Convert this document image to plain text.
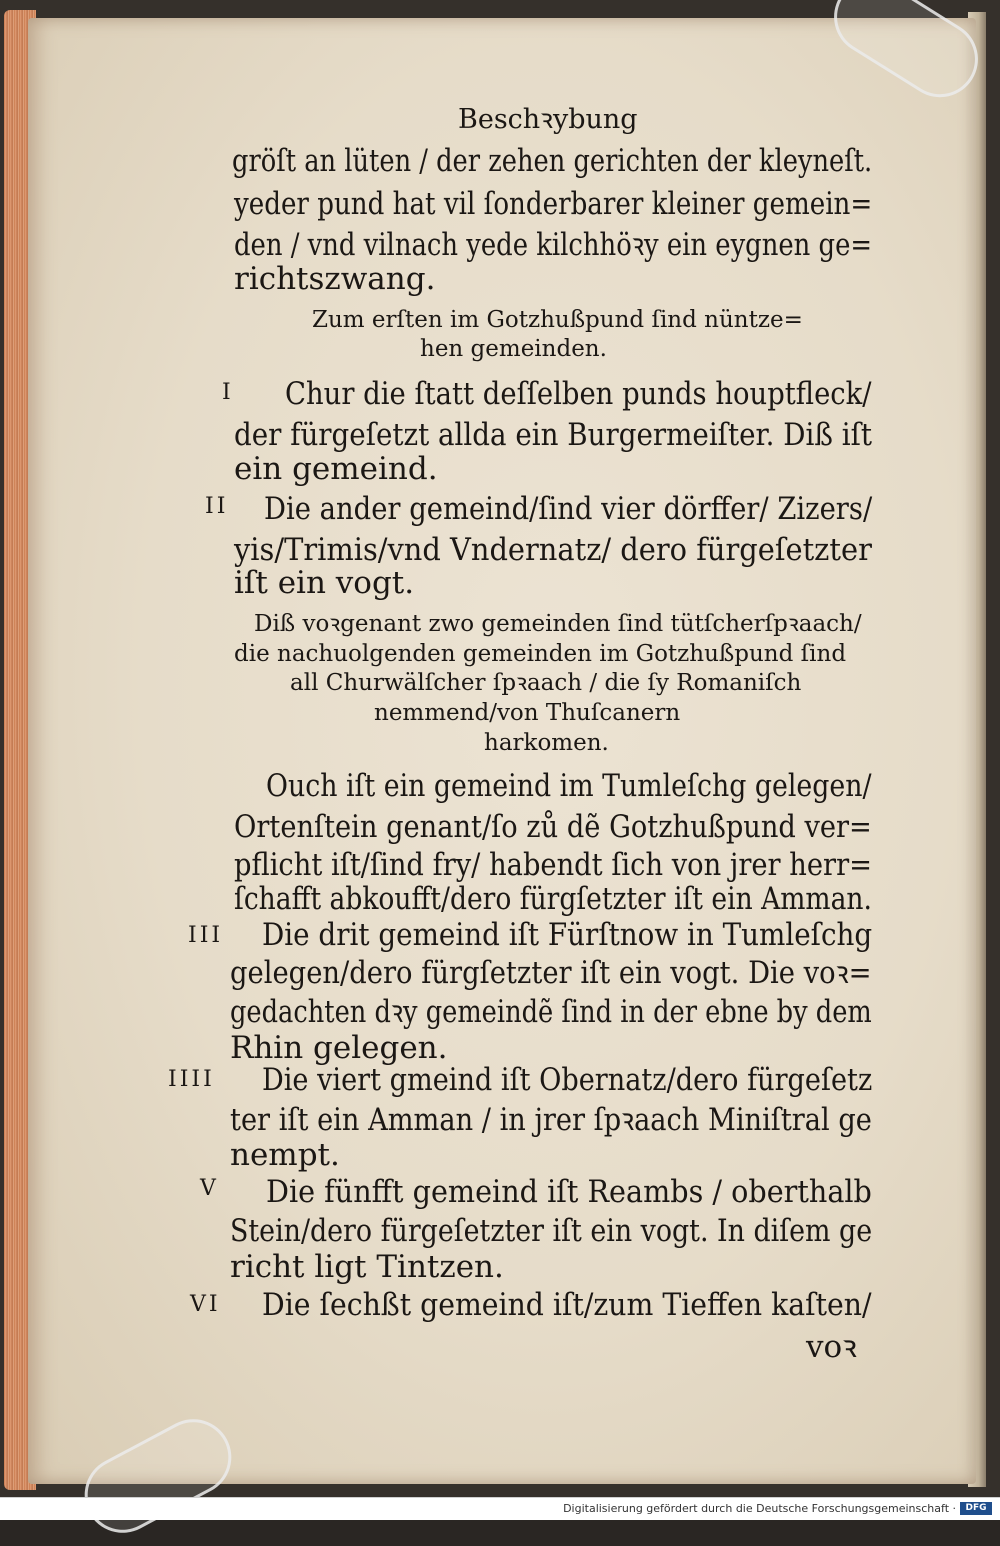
Beschꝛybung
gröſt an lüten / der zehen gerichten der kleyneſt.
yeder pund hat vil ſonderbarer kleiner gemein=
den / vnd vilnach yede kilchhöꝛy ein eygnen ge=
richtszwang.
Zum erſten im Gotzhußpund ſind nüntze=
hen gemeinden.
I Chur die ſtatt deſſelben punds houptfleck/
der fürgeſetzt allda ein Burgermeiſter. Diß iſt
ein gemeind.
II Die ander gemeind/ſind vier dörffer/ Zizers/
yis/Trimis/vnd Vndernatz/ dero fürgeſetzter
iſt ein vogt.
Diß voꝛgenant zwo gemeinden ſind tütſcherſpꝛaach/
die nachuolgenden gemeinden im Gotzhußpund ſind
all Churwälſcher ſpꝛaach / die ſy Romaniſch
nemmend/von Thuſcanern
harkomen.
Ouch iſt ein gemeind im Tumleſchg gelegen/
Ortenſtein genant/ſo zů dẽ Gotzhußpund ver=
pflicht iſt/ſind fry/ habendt ſich von jrer herr=
ſchafft abkoufft/dero fürgſetzter iſt ein Amman.
III Die drit gemeind iſt Fürſtnow in Tumleſchg
gelegen/dero fürgſetzter iſt ein vogt. Die voꝛ=
gedachten dꝛy gemeindẽ ſind in der ebne by dem
Rhin gelegen.
IIII Die viert gmeind iſt Obernatz/dero fürgeſetz
ter iſt ein Amman / in jrer ſpꝛaach Miniſtral ge
nempt.
V Die fünfft gemeind iſt Reambs / oberthalb
Stein/dero fürgeſetzter iſt ein vogt. In diſem ge
richt ligt Tintzen.
VI Die ſechßt gemeind iſt/zum Tieffen kaſten/
voꝛ
Digitalisierung gefördert durch die Deutsche Forschungsgemeinschaft ·	DFG
